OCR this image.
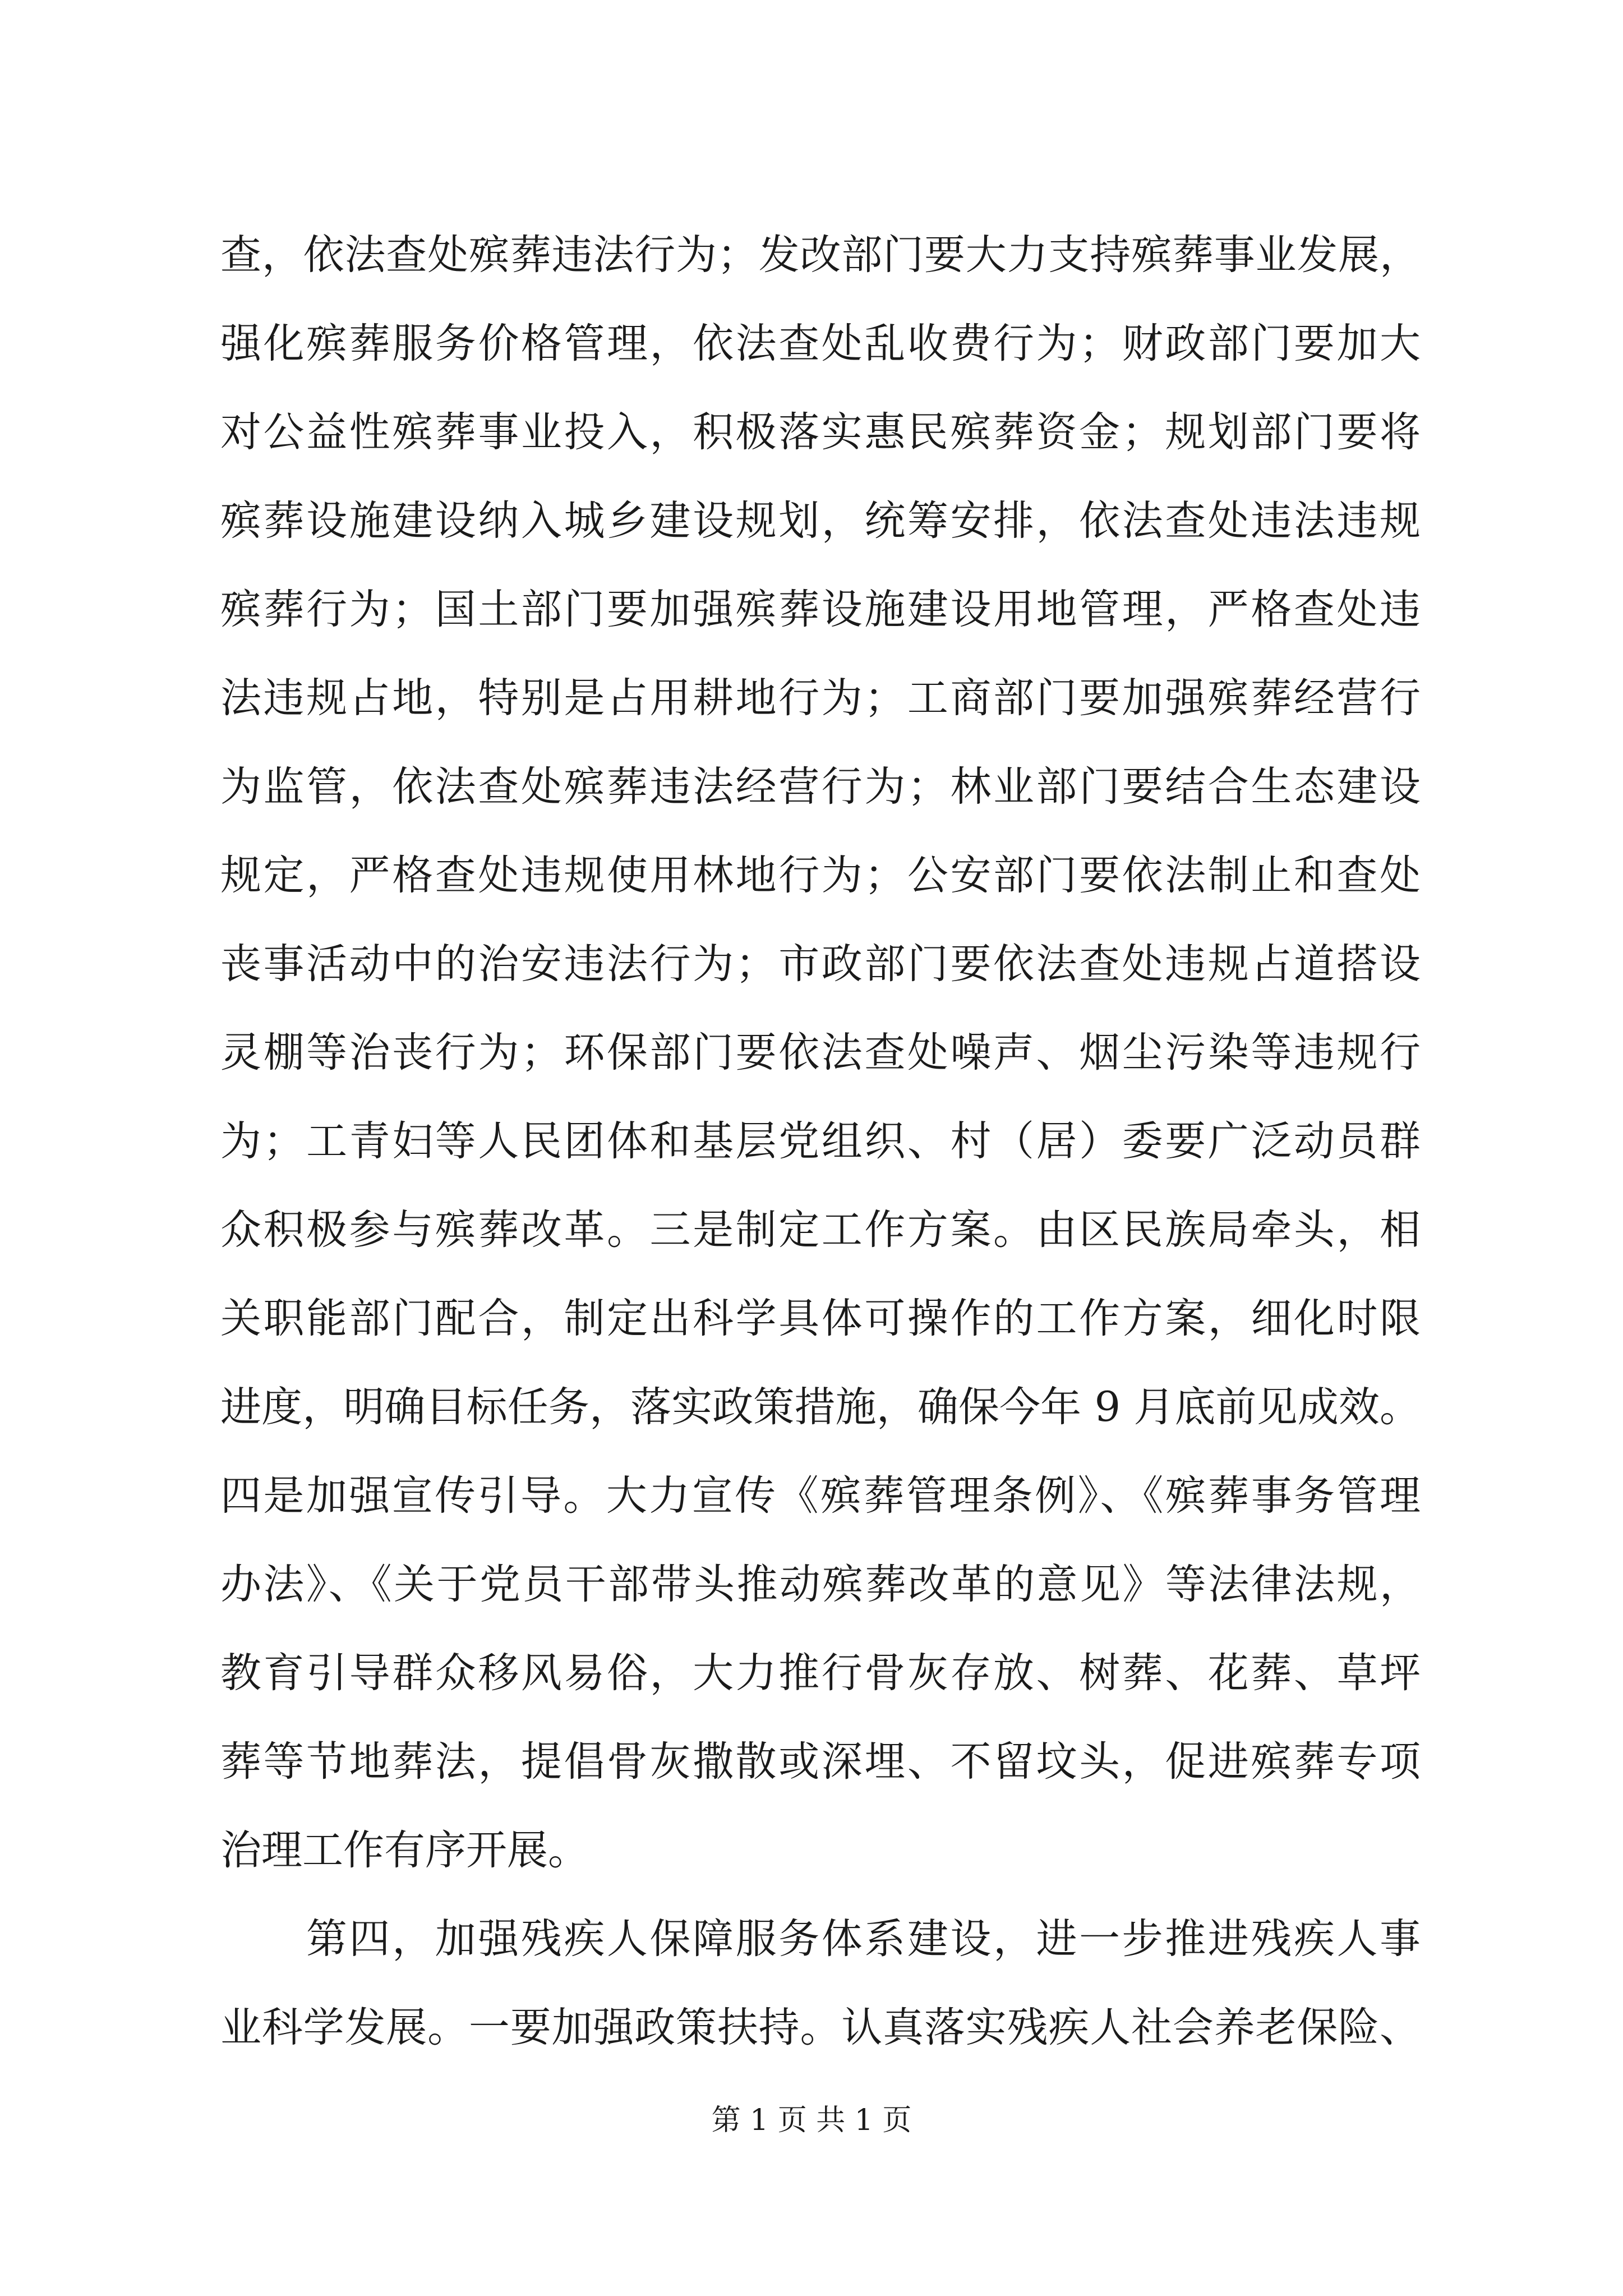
查，依法查处殡葬违法行为；发改部门要大力支持殡葬事业发展，
强化殡葬服务价格管理，依法查处乱收费行为；财政部门要加大
对公益性殡葬事业投入，积极落实惠民殡葬资金；规划部门要将
殡葬设施建设纳入城乡建设规划，统筹安排，依法查处违法违规
殡葬行为；国土部门要加强殡葬设施建设用地管理，严格查处违
法违规占地，特别是占用耕地行为；工商部门要加强殡葬经营行
为监管，依法查处殡葬违法经营行为；林业部门要结合生态建设
规定，严格查处违规使用林地行为；公安部门要依法制止和查处
丧事活动中的治安违法行为；市政部门要依法查处违规占道搭设
灵棚等治丧行为；环保部门要依法查处噪声、烟尘污染等违规行
为；工青妇等人民团体和基层党组织、村（居）委要广泛动员群
众积极参与殡葬改革。三是制定工作方案。由区民族局牵头，相
关职能部门配合，制定出科学具体可操作的工作方案，细化时限
进度，明确目标任务，落实政策措施，确保今年 9 月底前见成效。
四是加强宣传引导。大力宣传《殡葬管理条例》、《殡葬事务管理
办法》、《关于党员干部带头推动殡葬改革的意见》等法律法规，
教育引导群众移风易俗，大力推行骨灰存放、树葬、花葬、草坪
葬等节地葬法，提倡骨灰撒散或深埋、不留坟头，促进殡葬专项
治理工作有序开展。
第四，加强残疾人保障服务体系建设，进一步推进残疾人事
业科学发展。一要加强政策扶持。认真落实残疾人社会养老保险、
第 1 页 共 1 页
